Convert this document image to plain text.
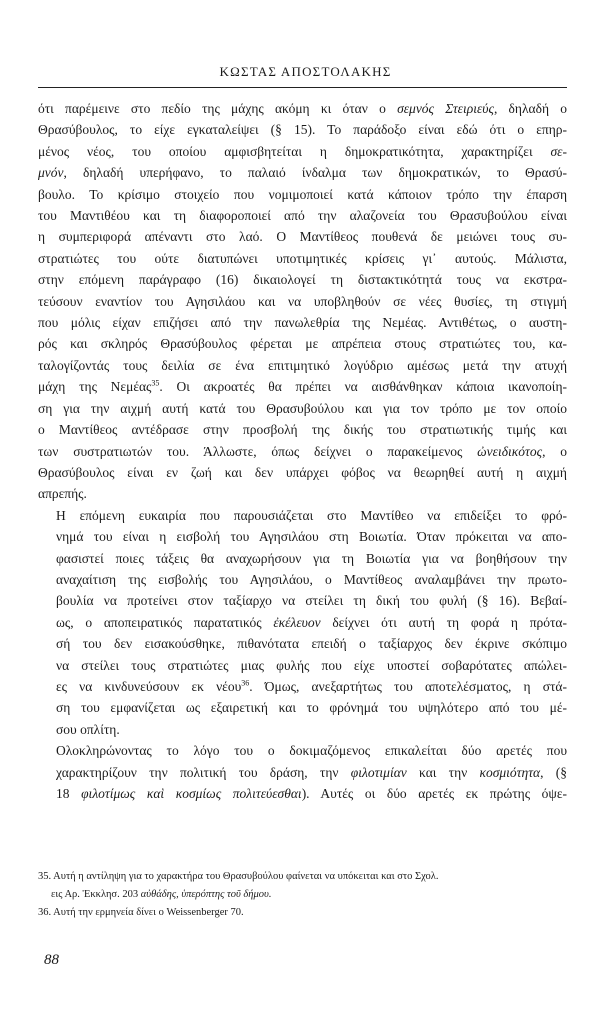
ΚΩΣΤΑΣ ΑΠΟΣΤΟΛΑΚΗΣ

ότι παρέμεινε στο πεδίο της μάχης ακόμη κι όταν ο σεμνός Στειριεύς, δηλαδή ο
Θρασύβουλος, το είχε εγκαταλείψει (§ 15). Το παράδοξο είναι εδώ ότι ο επηρ-
μένος νέος, του οποίου αμφισβητείται η δημοκρατικότητα, χαρακτηρίζει σε-
μνόν, δηλαδή υπερήφανο, το παλαιό ίνδαλμα των δημοκρατικών, το Θρασύ-
βουλο. Το κρίσιμο στοιχείο που νομιμοποιεί κατά κάποιον τρόπο την έπαρση
του Μαντιθέου και τη διαφοροποιεί από την αλαζονεία του Θρασυβούλου είναι
η συμπεριφορά απέναντι στο λαό. Ο Μαντίθεος πουθενά δε μειώνει τους συ-
στρατιώτες του ούτε διατυπώνει υποτιμητικές κρίσεις γι᾽ αυτούς. Μάλιστα,
στην επόμενη παράγραφο (16) δικαιολογεί τη διστακτικότητά τους να εκστρα-
τεύσουν εναντίον του Αγησιλάου και να υποβληθούν σε νέες θυσίες, τη στιγμή
που μόλις είχαν επιζήσει από την πανωλεθρία της Νεμέας. Αντιθέτως, ο αυστη-
ρός και σκληρός Θρασύβουλος φέρεται με απρέπεια στους στρατιώτες του, κα-
ταλογίζοντάς τους δειλία σε ένα επιτιμητικό λογύδριο αμέσως μετά την ατυχή
μάχη της Νεμέας$^{35}$. Οι ακροατές θα πρέπει να αισθάνθηκαν κάποια ικανοποίη-
ση για την αιχμή αυτή κατά του Θρασυβούλου και για τον τρόπο με τον οποίο
ο Μαντίθεος αντέδρασε στην προσβολή της δικής του στρατιωτικής τιμής και
των συστρατιωτών του. Άλλωστε, όπως δείχνει ο παρακείμενος ὠνειδικότος, ο
Θρασύβουλος είναι εν ζωή και δεν υπάρχει φόβος να θεωρηθεί αυτή η αιχμή
απρεπής.

Η επόμενη ευκαιρία που παρουσιάζεται στο Μαντίθεο να επιδείξει το φρό-
νημά του είναι η εισβολή του Αγησιλάου στη Βοιωτία. Όταν πρόκειται να απο-
φασιστεί ποιες τάξεις θα αναχωρήσουν για τη Βοιωτία για να βοηθήσουν την
αναχαίτιση της εισβολής του Αγησιλάου, ο Μαντίθεος αναλαμβάνει την πρωτο-
βουλία να προτείνει στον ταξίαρχο να στείλει τη δική του φυλή (§ 16). Βεβαί-
ως, ο αποπειρατικός παρατατικός ἐκέλευον δείχνει ότι αυτή τη φορά η πρότα-
σή του δεν εισακούσθηκε, πιθανότατα επειδή ο ταξίαρχος δεν έκρινε σκόπιμο
να στείλει τους στρατιώτες μιας φυλής που είχε υποστεί σοβαρότατες απώλει-
ες να κινδυνεύσουν εκ νέου$^{36}$. Όμως, ανεξαρτήτως του αποτελέσματος, η στά-
ση του εμφανίζεται ως εξαιρετική και το φρόνημά του υψηλότερο από του μέ-
σου οπλίτη.

Ολοκληρώνοντας το λόγο του ο δοκιμαζόμενος επικαλείται δύο αρετές που
χαρακτηρίζουν την πολιτική του δράση, την φιλοτιμίαν και την κοσμιότητα, (§
18 φιλοτίμως καὶ κοσμίως πολιτεύεσθαι). Αυτές οι δύο αρετές εκ πρώτης όψε-

35. Αυτή η αντίληψη για το χαρακτήρα του Θρασυβούλου φαίνεται να υπόκειται και στο Σχολ.
εις Αρ. Ἐκκλησ. 203 αὐθάδης, ὑπερόπτης τοῦ δήμου.
36. Αυτή την ερμηνεία δίνει ο Weissenberger 70.
88
